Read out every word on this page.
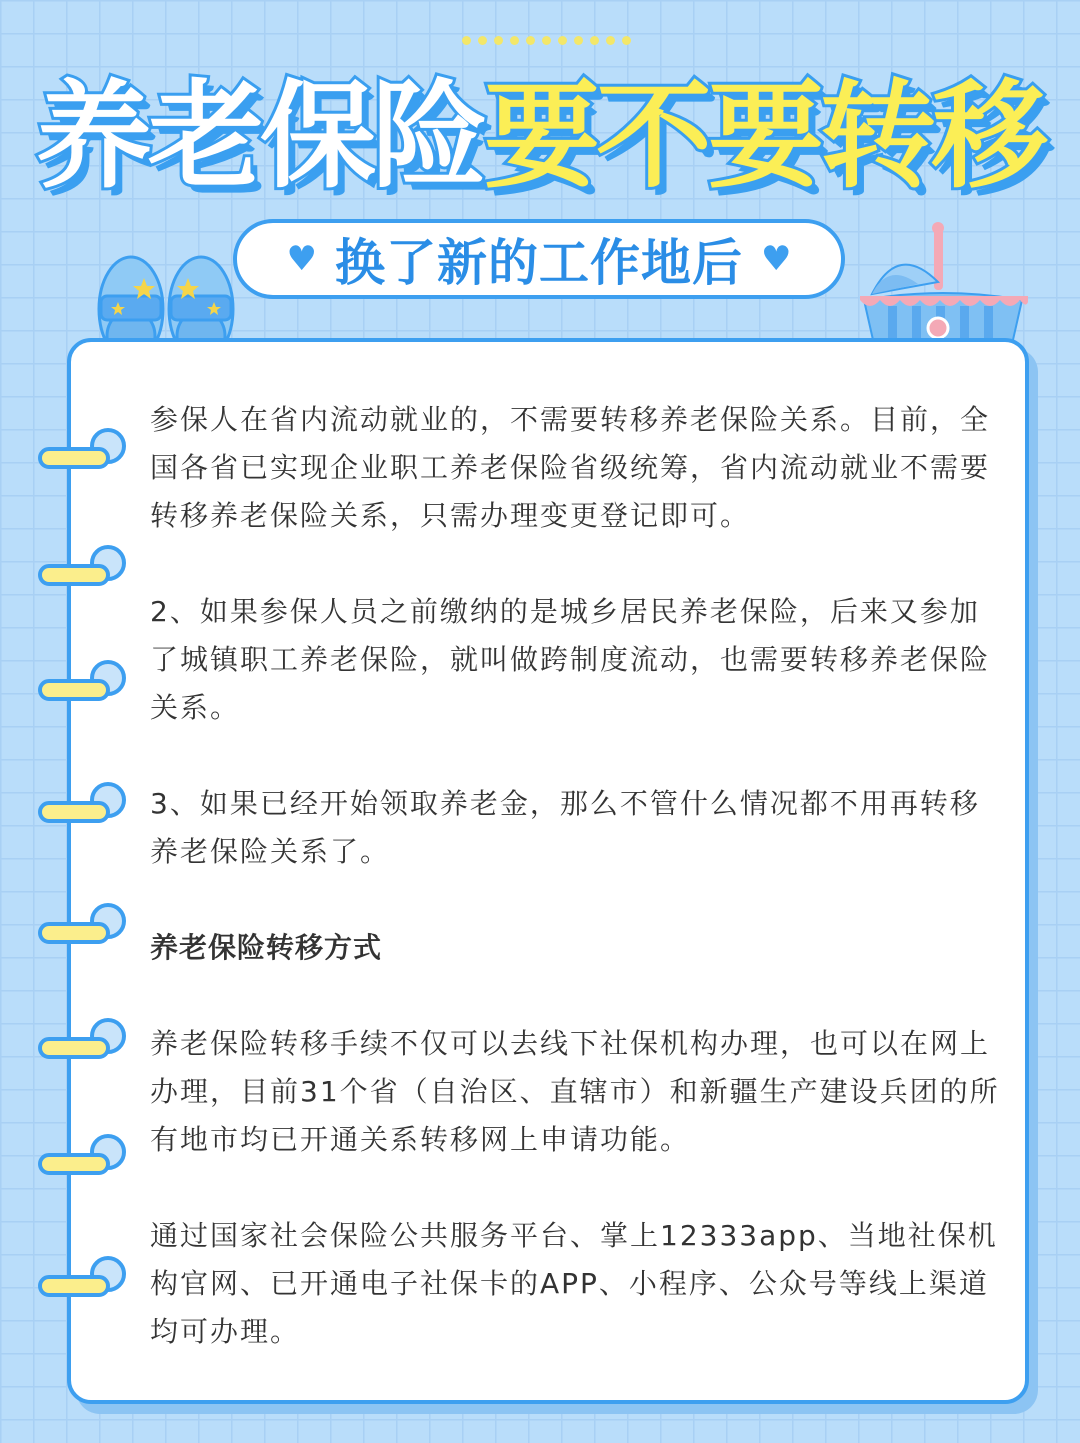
养老保险要不要转移
♥ 换了新的工作地后 ♥

参保人在省内流动就业的，不需要转移养老保险关系。目前，全国各省已实现企业职工养老保险省级统筹，省内流动就业不需要转移养老保险关系，只需办理变更登记即可。

2、如果参保人员之前缴纳的是城乡居民养老保险，后来又参加了城镇职工养老保险，就叫做跨制度流动，也需要转移养老保险关系。

3、如果已经开始领取养老金，那么不管什么情况都不用再转移养老保险关系了。

养老保险转移方式

养老保险转移手续不仅可以去线下社保机构办理，也可以在网上办理，目前31个省（自治区、直辖市）和新疆生产建设兵团的所有地市均已开通关系转移网上申请功能。

通过国家社会保险公共服务平台、掌上12333app、当地社保机构官网、已开通电子社保卡的APP、小程序、公众号等线上渠道均可办理。
